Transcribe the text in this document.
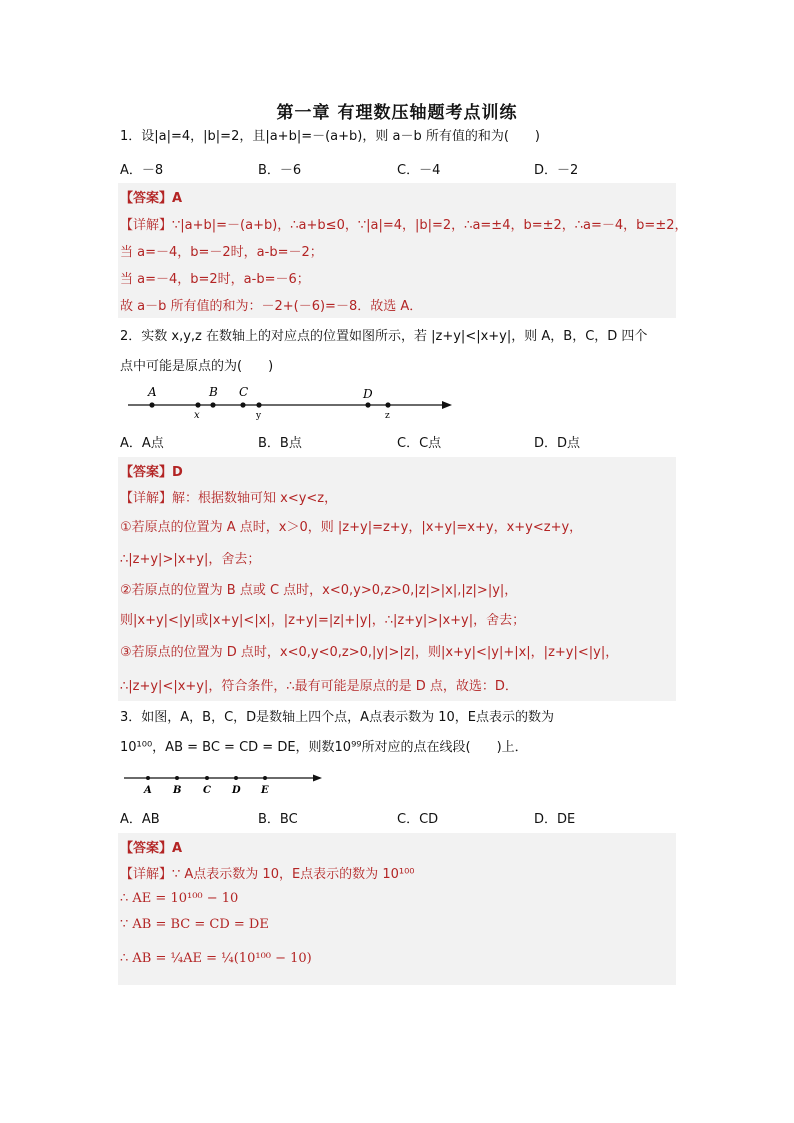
第一章 有理数压轴题考点训练
1．设|a|=4，|b|=2，且|a+b|=－(a+b)，则 a－b 所有值的和为(　　)
A．－8	B．－6	C．－4	D．－2
【答案】A
【详解】∵|a+b|=－(a+b)，∴a+b≤0，∵|a|=4，|b|=2，∴a=±4，b=±2，∴a=－4，b=±2，
当 a=－4，b=－2时，a-b=－2；
当 a=－4，b=2时，a-b=－6；
故 a－b 所有值的和为：－2+(－6)=－8．故选 A．
2．实数 x,y,z 在数轴上的对应点的位置如图所示，若 |z+y|<|x+y|，则 A，B，C，D 四个
点中可能是原点的为(　　)
A	B C	D
x	y	z
A．A点	B．B点	C．C点	D．D点
【答案】D
【详解】解：根据数轴可知 x<y<z，
①若原点的位置为 A 点时，x＞0，则 |z+y|=z+y，|x+y|=x+y，x+y<z+y，
∴|z+y|>|x+y|，舍去；
②若原点的位置为 B 点或 C 点时，x<0,y>0,z>0,|z|>|x|,|z|>|y|，
则|x+y|<|y|或|x+y|<|x|，|z+y|=|z|+|y|，∴|z+y|>|x+y|，舍去；
③若原点的位置为 D 点时，x<0,y<0,z>0,|y|>|z|，则|x+y|<|y|+|x|，|z+y|<|y|，
∴|z+y|<|x+y|，符合条件，∴最有可能是原点的是 D 点，故选：D．
3．如图，A，B，C，D是数轴上四个点，A点表示数为 10，E点表示的数为
10¹⁰⁰，AB = BC = CD = DE，则数10⁹⁹所对应的点在线段(　　)上．
A B C D E
A．AB	B．BC	C．CD	D．DE
【答案】A
【详解】∵ A点表示数为 10，E点表示的数为 10¹⁰⁰
∴ AE = 10¹⁰⁰ − 10
∵ AB = BC = CD = DE
∴ AB = ¼AE = ¼(10¹⁰⁰ − 10)
